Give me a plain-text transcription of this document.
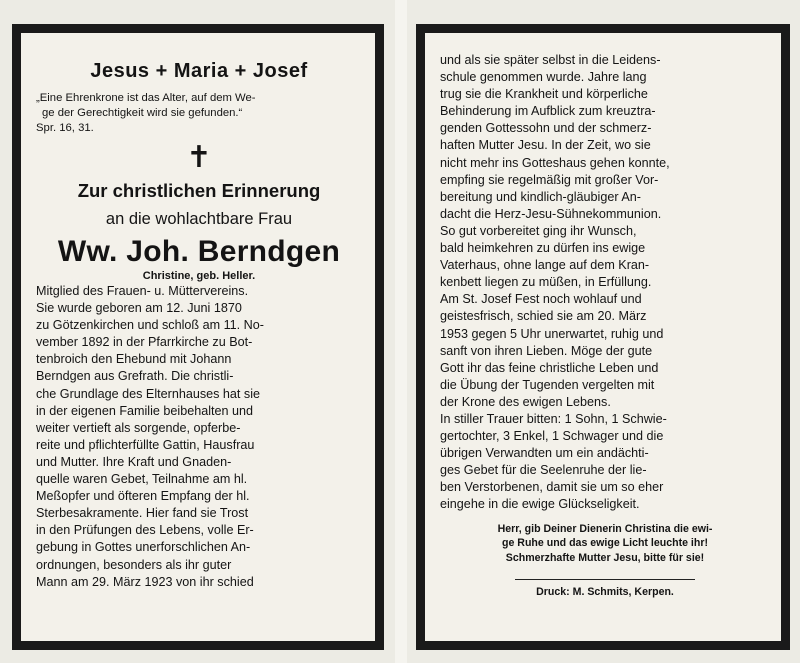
Jesus + Maria + Josef
„Eine Ehrenkrone ist das Alter, auf dem We-
ge der Gerechtigkeit wird sie gefunden.“
Spr. 16, 31.
✝
Zur christlichen Erinnerung
an die wohlachtbare Frau
Ww. Joh. Berndgen
Christine, geb. Heller.

Mitglied des Frauen- u. Müttervereins.

Sie wurde geboren am 12. Juni 1870

zu Götzenkirchen und schloß am 11. No-

vember 1892 in der Pfarrkirche zu Bot-

tenbroich den Ehebund mit Johann

Berndgen aus Grefrath. Die christli-

che Grundlage des Elternhauses hat sie

in der eigenen Familie beibehalten und

weiter vertieft als sorgende, opferbe-

reite und pflichterfüllte Gattin, Hausfrau

und Mutter. Ihre Kraft und Gnaden-

quelle waren Gebet, Teilnahme am hl.

Meßopfer und öfteren Empfang der hl.

Sterbesakramente. Hier fand sie Trost

in den Prüfungen des Lebens, volle Er-

gebung in Gottes unerforschlichen An-

ordnungen, besonders als ihr guter

Mann am 29. März 1923 von ihr schied

und als sie später selbst in die Leidens-

schule genommen wurde. Jahre lang

trug sie die Krankheit und körperliche

Behinderung im Aufblick zum kreuztra-

genden Gottessohn und der schmerz-

haften Mutter Jesu. In der Zeit, wo sie

nicht mehr ins Gotteshaus gehen konnte,

empfing sie regelmäßig mit großer Vor-

bereitung und kindlich-gläubiger An-

dacht die Herz-Jesu-Sühnekommunion.

So gut vorbereitet ging ihr Wunsch,

bald heimkehren zu dürfen ins ewige

Vaterhaus, ohne lange auf dem Kran-

kenbett liegen zu müßen, in Erfüllung.

Am St. Josef Fest noch wohlauf und

geistesfrisch, schied sie am 20. März

1953 gegen 5 Uhr unerwartet, ruhig und

sanft von ihren Lieben. Möge der gute

Gott ihr das feine christliche Leben und

die Übung der Tugenden vergelten mit

der Krone des ewigen Lebens.

In stiller Trauer bitten: 1 Sohn, 1 Schwie-

gertochter, 3 Enkel, 1 Schwager und die

übrigen Verwandten um ein andächti-

ges Gebet für die Seelenruhe der lie-

ben Verstorbenen, damit sie um so eher

eingehe in die ewige Glückseligkeit.

Herr, gib Deiner Dienerin Christina die ewi-
ge Ruhe und das ewige Licht leuchte ihr!
Schmerzhafte Mutter Jesu, bitte für sie!
Druck: M. Schmits, Kerpen.
